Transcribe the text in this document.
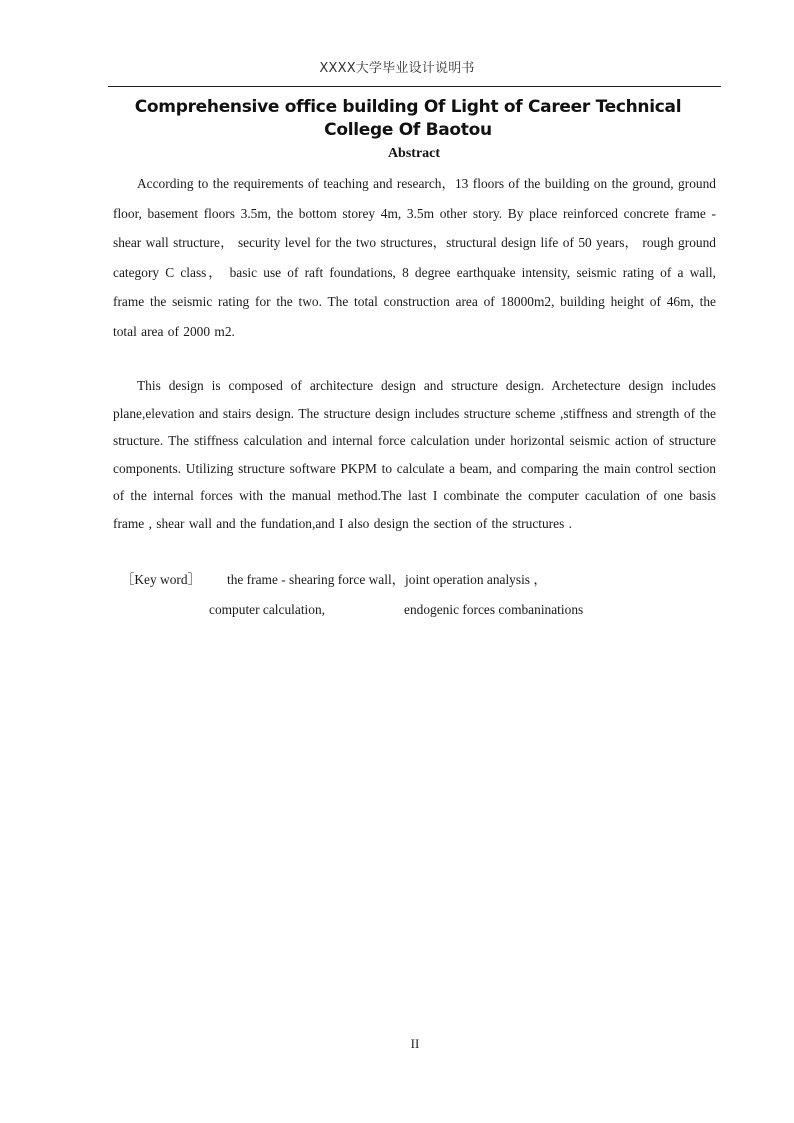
XXXX大学毕业设计说明书
Comprehensive office building Of Light of Career Technical
College Of Baotou
Abstract

According to the requirements of teaching and research，13 floors of the building on the ground, ground floor, basement floors 3.5m, the bottom storey 4m, 3.5m other story. By place reinforced concrete frame - shear wall structure， security level for the two structures，structural design life of 50 years， rough ground category C class， basic use of raft foundations, 8 degree earthquake intensity, seismic rating of a wall, frame the seismic rating for the two. The total construction area of 18000m2, building height of 46m, the total area of 2000 m2.

This design is composed of architecture design and structure design. Archetecture design includes plane,elevation and stairs design. The structure design includes structure scheme ,stiffness and strength of the structure. The stiffness calculation and internal force calculation under horizontal seismic action of structure components. Utilizing structure software PKPM to calculate a beam, and comparing the main control section of the internal forces with the manual method.The last I combinate the computer caculation of one basis frame , shear wall and the fundation,and I also design the section of the structures .

［Key word］ the frame - shearing force wall，joint operation analysis ，
computer calculation,	endogenic forces combaninations
II
